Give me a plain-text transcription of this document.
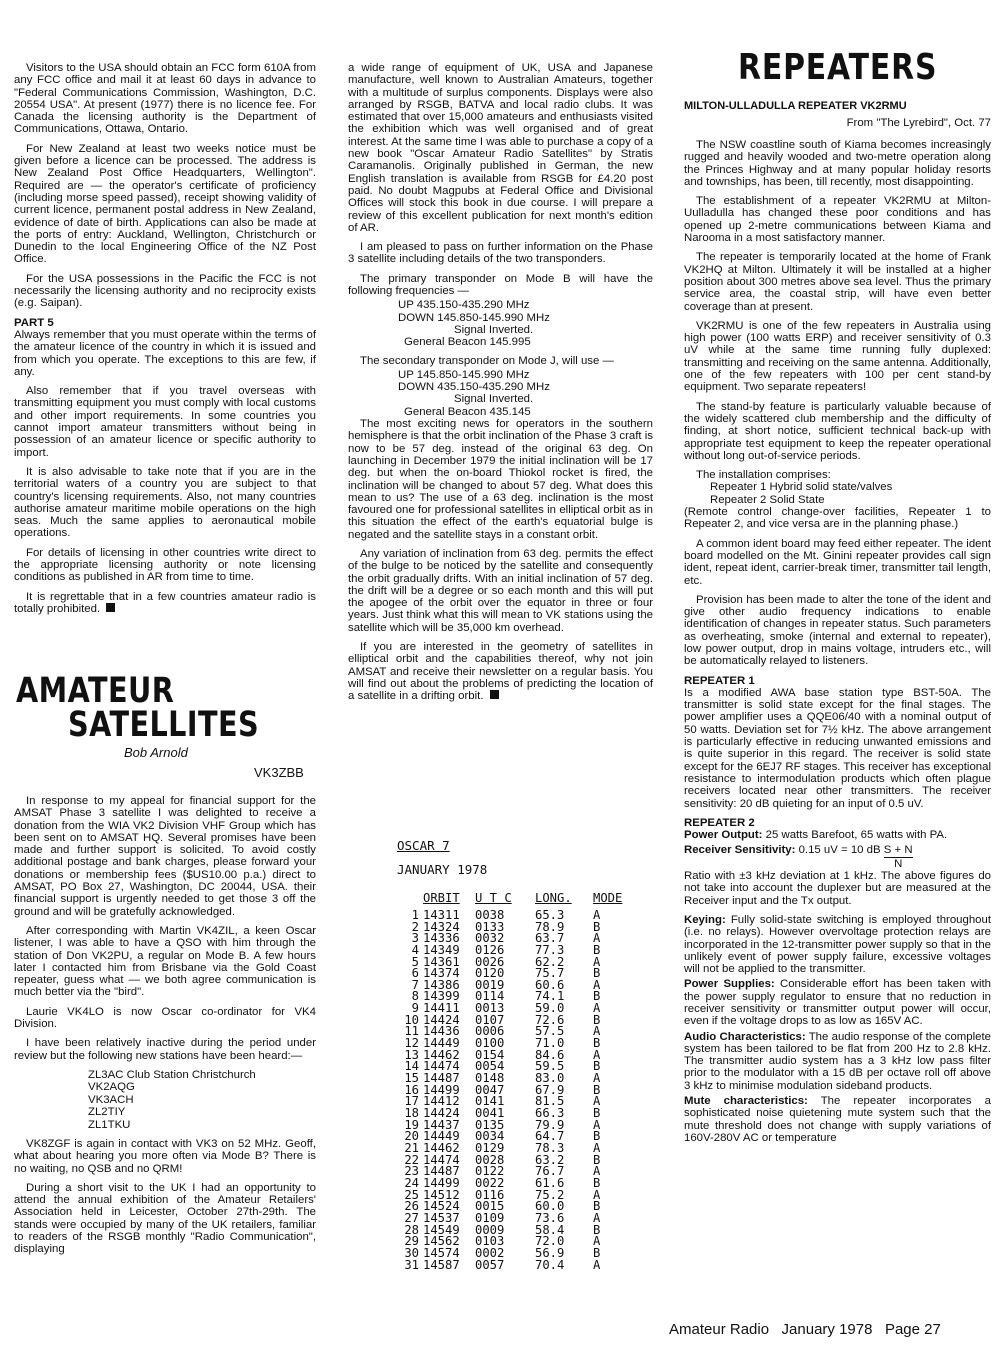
Visitors to the USA should obtain an FCC form 610A from any FCC office and mail it at least 60 days in advance to "Federal Communications Commission, Washington, D.C. 20554 USA". At present (1977) there is no licence fee. For Canada the licensing authority is the Department of Communications, Ottawa, Ontario.

For New Zealand at least two weeks notice must be given before a licence can be processed. The address is New Zealand Post Office Headquarters, Wellington". Required are — the operator's certificate of proficiency (including morse speed passed), receipt showing validity of current licence, permanent postal address in New Zealand, evidence of date of birth. Applications can also be made at the ports of entry: Auckland, Wellington, Christchurch or Dunedin to the local Engineering Office of the NZ Post Office.

For the USA possessions in the Pacific the FCC is not necessarily the licensing authority and no reciprocity exists (e.g. Saipan).

PART 5

Always remember that you must operate within the terms of the amateur licence of the country in which it is issued and from which you operate. The exceptions to this are few, if any.

Also remember that if you travel overseas with transmitting equipment you must comply with local customs and other import requirements. In some countries you cannot import amateur transmitters without being in possession of an amateur licence or specific authority to import.

It is also advisable to take note that if you are in the territorial waters of a country you are subject to that country's licensing requirements. Also, not many countries authorise amateur maritime mobile operations on the high seas. Much the same applies to aeronautical mobile operations.

For details of licensing in other countries write direct to the appropriate licensing authority or note licensing conditions as published in AR from time to time.

It is regrettable that in a few countries amateur radio is totally prohibited.

AMATEUR
SATELLITES
Bob Arnold
VK3ZBB

In response to my appeal for financial support for the AMSAT Phase 3 satellite I was delighted to receive a donation from the WIA VK2 Division VHF Group which has been sent on to AMSAT HQ. Several promises have been made and further support is solicited. To avoid costly additional postage and bank charges, please forward your donations or membership fees ($US10.00 p.a.) direct to AMSAT, PO Box 27, Washington, DC 20044, USA. their financial support is urgently needed to get those 3 off the ground and will be gratefully acknowledged.

After corresponding with Martin VK4ZIL, a keen Oscar listener, I was able to have a QSO with him through the station of Don VK2PU, a regular on Mode B. A few hours later I contacted him from Brisbane via the Gold Coast repeater, guess what — we both agree communication is much better via the "bird".

Laurie VK4LO is now Oscar co-ordinator for VK4 Division.

I have been relatively inactive during the period under review but the following new stations have been heard:—

ZL3AC Club Station Christchurch
VK2AQG
VK3ACH
ZL2TIY
ZL1TKU

VK8ZGF is again in contact with VK3 on 52 MHz. Geoff, what about hearing you more often via Mode B? There is no waiting, no QSB and no QRM!

During a short visit to the UK I had an opportunity to attend the annual exhibition of the Amateur Retailers' Association held in Leicester, October 27th-29th. The stands were occupied by many of the UK retailers, familiar to readers of the RSGB monthly "Radio Communication", displaying

a wide range of equipment of UK, USA and Japanese manufacture, well known to Australian Amateurs, together with a multitude of surplus components. Displays were also arranged by RSGB, BATVA and local radio clubs. It was estimated that over 15,000 amateurs and enthusiasts visited the exhibition which was well organised and of great interest. At the same time I was able to purchase a copy of a new book "Oscar Amateur Radio Satellites" by Stratis Caramanolis. Originally published in German, the new English translation is available from RSGB for £4.20 post paid. No doubt Magpubs at Federal Office and Divisional Offices will stock this book in due course. I will prepare a review of this excellent publication for next month's edition of AR.

I am pleased to pass on further information on the Phase 3 satellite including details of the two transponders.

The primary transponder on Mode B will have the following frequencies —

UP 435.150-435.290 MHz
DOWN 145.850-145.990 MHz
Signal Inverted.
General Beacon 145.995

The secondary transponder on Mode J, will use —

UP 145.850-145.990 MHz
DOWN 435.150-435.290 MHz
Signal Inverted.
General Beacon 435.145

The most exciting news for operators in the southern hemisphere is that the orbit inclination of the Phase 3 craft is now to be 57 deg. instead of the original 63 deg. On launching in December 1979 the initial inclination will be 17 deg. but when the on-board Thiokol rocket is fired, the inclination will be changed to about 57 deg. What does this mean to us? The use of a 63 deg. inclination is the most favoured one for professional satellites in elliptical orbit as in this situation the effect of the earth's equatorial bulge is negated and the satellite stays in a constant orbit.

Any variation of inclination from 63 deg. permits the effect of the bulge to be noticed by the satellite and consequently the orbit gradually drifts. With an initial inclination of 57 deg. the drift will be a degree or so each month and this will put the apogee of the orbit over the equator in three or four years. Just think what this will mean to VK stations using the satellite which will be 35,000 km overhead.

If you are interested in the geometry of satellites in elliptical orbit and the capabilities thereof, why not join AMSAT and receive their newsletter on a regular basis. You will find out about the problems of predicting the location of a satellite in a drifting orbit.

OSCAR 7
JANUARY 1978
	ORBIT	U T C	LONG.	MODE
1	14311	0038	65.3	A
2	14324	0133	78.9	B
3	14336	0032	63.7	A
4	14349	0126	77.3	B
5	14361	0026	62.2	A
6	14374	0120	75.7	B
7	14386	0019	60.6	A
8	14399	0114	74.1	B
9	14411	0013	59.0	A
10	14424	0107	72.6	B
11	14436	0006	57.5	A
12	14449	0100	71.0	B
13	14462	0154	84.6	A
14	14474	0054	59.5	B
15	14487	0148	83.0	A
16	14499	0047	67.9	B
17	14412	0141	81.5	A
18	14424	0041	66.3	B
19	14437	0135	79.9	A
20	14449	0034	64.7	B
21	14462	0129	78.3	A
22	14474	0028	63.2	B
23	14487	0122	76.7	A
24	14499	0022	61.6	B
25	14512	0116	75.2	A
26	14524	0015	60.0	B
27	14537	0109	73.6	A
28	14549	0009	58.4	B
29	14562	0103	72.0	A
30	14574	0002	56.9	B
31	14587	0057	70.4	A
REPEATERS
MILTON-ULLADULLA REPEATER VK2RMU
From "The Lyrebird", Oct. 77

The NSW coastline south of Kiama becomes increasingly rugged and heavily wooded and two-metre operation along the Princes Highway and at many popular holiday resorts and townships, has been, till recently, most disappointing.

The establishment of a repeater VK2RMU at Milton-Uulladulla has changed these poor conditions and has opened up 2-metre communications between Kiama and Narooma in a most satisfactory manner.

The repeater is temporarily located at the home of Frank VK2HQ at Milton. Ultimately it will be installed at a higher position about 300 metres above sea level. Thus the primary service area, the coastal strip, will have even better coverage than at present.

VK2RMU is one of the few repeaters in Australia using high power (100 watts ERP) and receiver sensitivity of 0.3 uV while at the same time running fully duplexed: transmitting and receiving on the same antenna. Additionally, one of the few repeaters with 100 per cent stand-by equipment. Two separate repeaters!

The stand-by feature is particularly valuable because of the widely scattered club membership and the difficulty of finding, at short notice, sufficient technical back-up with appropriate test equipment to keep the repeater operational without long out-of-service periods.

The installation comprises:

Repeater 1 Hybrid solid state/valves
Repeater 2 Solid State

(Remote control change-over facilities, Repeater 1 to Repeater 2, and vice versa are in the planning phase.)

A common ident board may feed either repeater. The ident board modelled on the Mt. Ginini repeater provides call sign ident, repeat ident, carrier-break timer, transmitter tail length, etc.

Provision has been made to alter the tone of the ident and give other audio frequency indications to enable identification of changes in repeater status. Such parameters as overheating, smoke (internal and external to repeater), low power output, drop in mains voltage, intruders etc., will be automatically relayed to listeners.

REPEATER 1

Is a modified AWA base station type BST-50A. The transmitter is solid state except for the final stages. The power amplifier uses a QQE06/40 with a nominal output of 50 watts. Deviation set for 7½ kHz. The above arrangement is particularly effective in reducing unwanted emissions and is quite superior in this regard. The receiver is solid state except for the 6EJ7 RF stages. This receiver has exceptional resistance to intermodulation products which often plague receivers located near other transmitters. The receiver sensitivity: 20 dB quieting for an input of 0.5 uV.

REPEATER 2

Power Output: 25 watts Barefoot, 65 watts with PA.

Receiver Sensitivity: 0.15 uV = 10 dB $\frac{S + N}{N}$

Ratio with ±3 kHz deviation at 1 kHz. The above figures do not take into account the duplexer but are measured at the Receiver input and the Tx output.

Keying: Fully solid-state switching is employed throughout (i.e. no relays). However overvoltage protection relays are incorporated in the 12-transmitter power supply so that in the unlikely event of power supply failure, excessive voltages will not be applied to the transmitter.

Power Supplies: Considerable effort has been taken with the power supply regulator to ensure that no reduction in receiver sensitivity or transmitter output power will occur, even if the voltage drops to as low as 165V AC.

Audio Characteristics: The audio response of the complete system has been tailored to be flat from 200 Hz to 2.8 kHz. The transmitter audio system has a 3 kHz low pass filter prior to the modulator with a 15 dB per octave roll off above 3 kHz to minimise modulation sideband products.

Mute characteristics: The repeater incorporates a sophisticated noise quietening mute system such that the mute threshold does not change with supply variations of 160V-280V AC or temperature

Amateur Radio   January 1978   Page 27
